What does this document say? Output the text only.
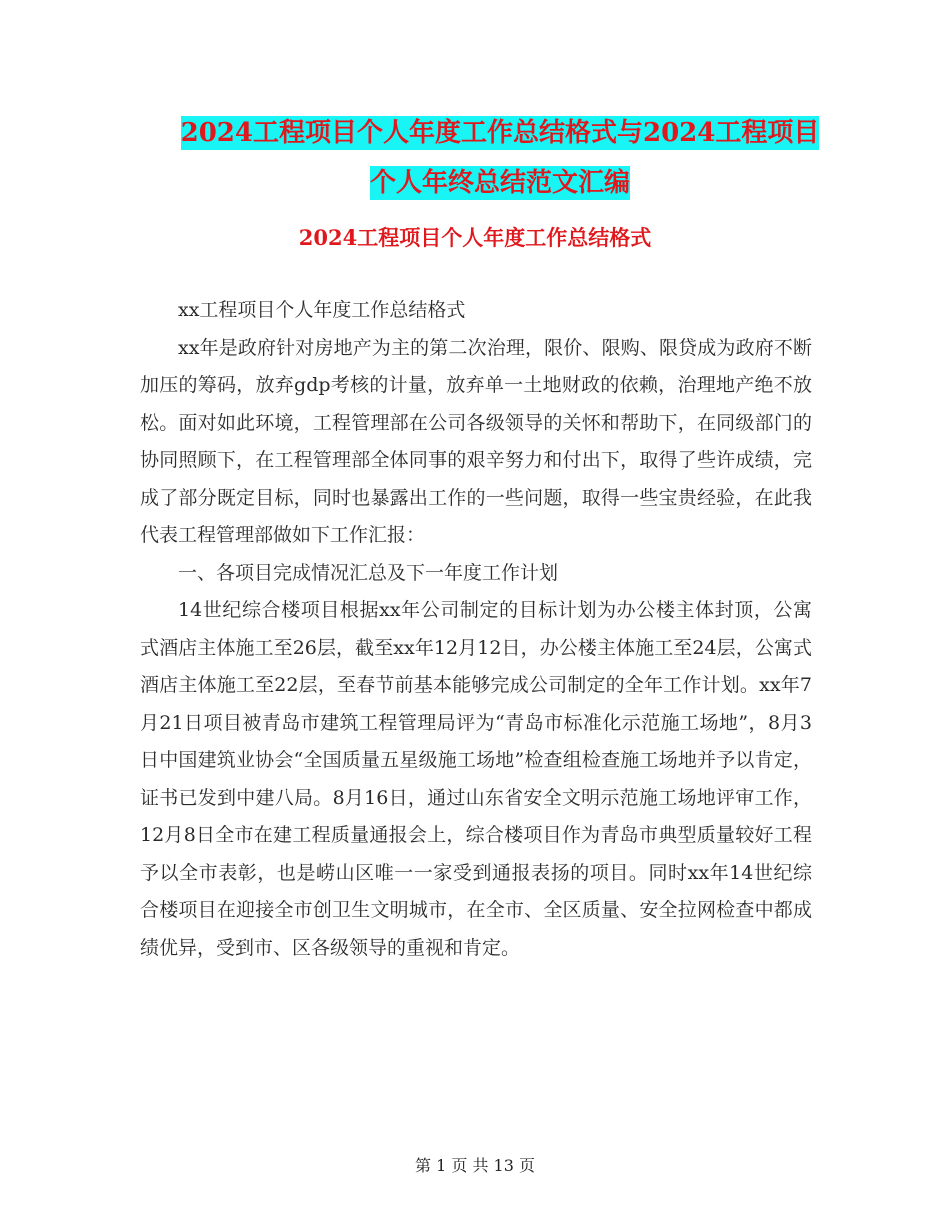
2024工程项目个人年度工作总结格式与2024工程项目
个人年终总结范文汇编
2024工程项目个人年度工作总结格式

xx工程项目个人年度工作总结格式

xx年是政府针对房地产为主的第二次治理，限价、限购、限贷成为政府不断加压的筹码，放弃gdp考核的计量，放弃单一土地财政的依赖，治理地产绝不放松。面对如此环境，工程管理部在公司各级领导的关怀和帮助下，在同级部门的协同照顾下，在工程管理部全体同事的艰辛努力和付出下，取得了些许成绩，完成了部分既定目标，同时也暴露出工作的一些问题，取得一些宝贵经验，在此我代表工程管理部做如下工作汇报：

一、各项目完成情况汇总及下一年度工作计划

14世纪综合楼项目根据xx年公司制定的目标计划为办公楼主体封顶，公寓式酒店主体施工至26层，截至xx年12月12日，办公楼主体施工至24层，公寓式酒店主体施工至22层，至春节前基本能够完成公司制定的全年工作计划。xx年7月21日项目被青岛市建筑工程管理局评为“青岛市标准化示范施工场地”，8月3日中国建筑业协会“全国质量五星级施工场地”检查组检查施工场地并予以肯定，证书已发到中建八局。8月16日，通过山东省安全文明示范施工场地评审工作，12月8日全市在建工程质量通报会上，综合楼项目作为青岛市典型质量较好工程予以全市表彰，也是崂山区唯一一家受到通报表扬的项目。同时xx年14世纪综合楼项目在迎接全市创卫生文明城市，在全市、全区质量、安全拉网检查中都成绩优异，受到市、区各级领导的重视和肯定。

第 1 页 共 13 页
